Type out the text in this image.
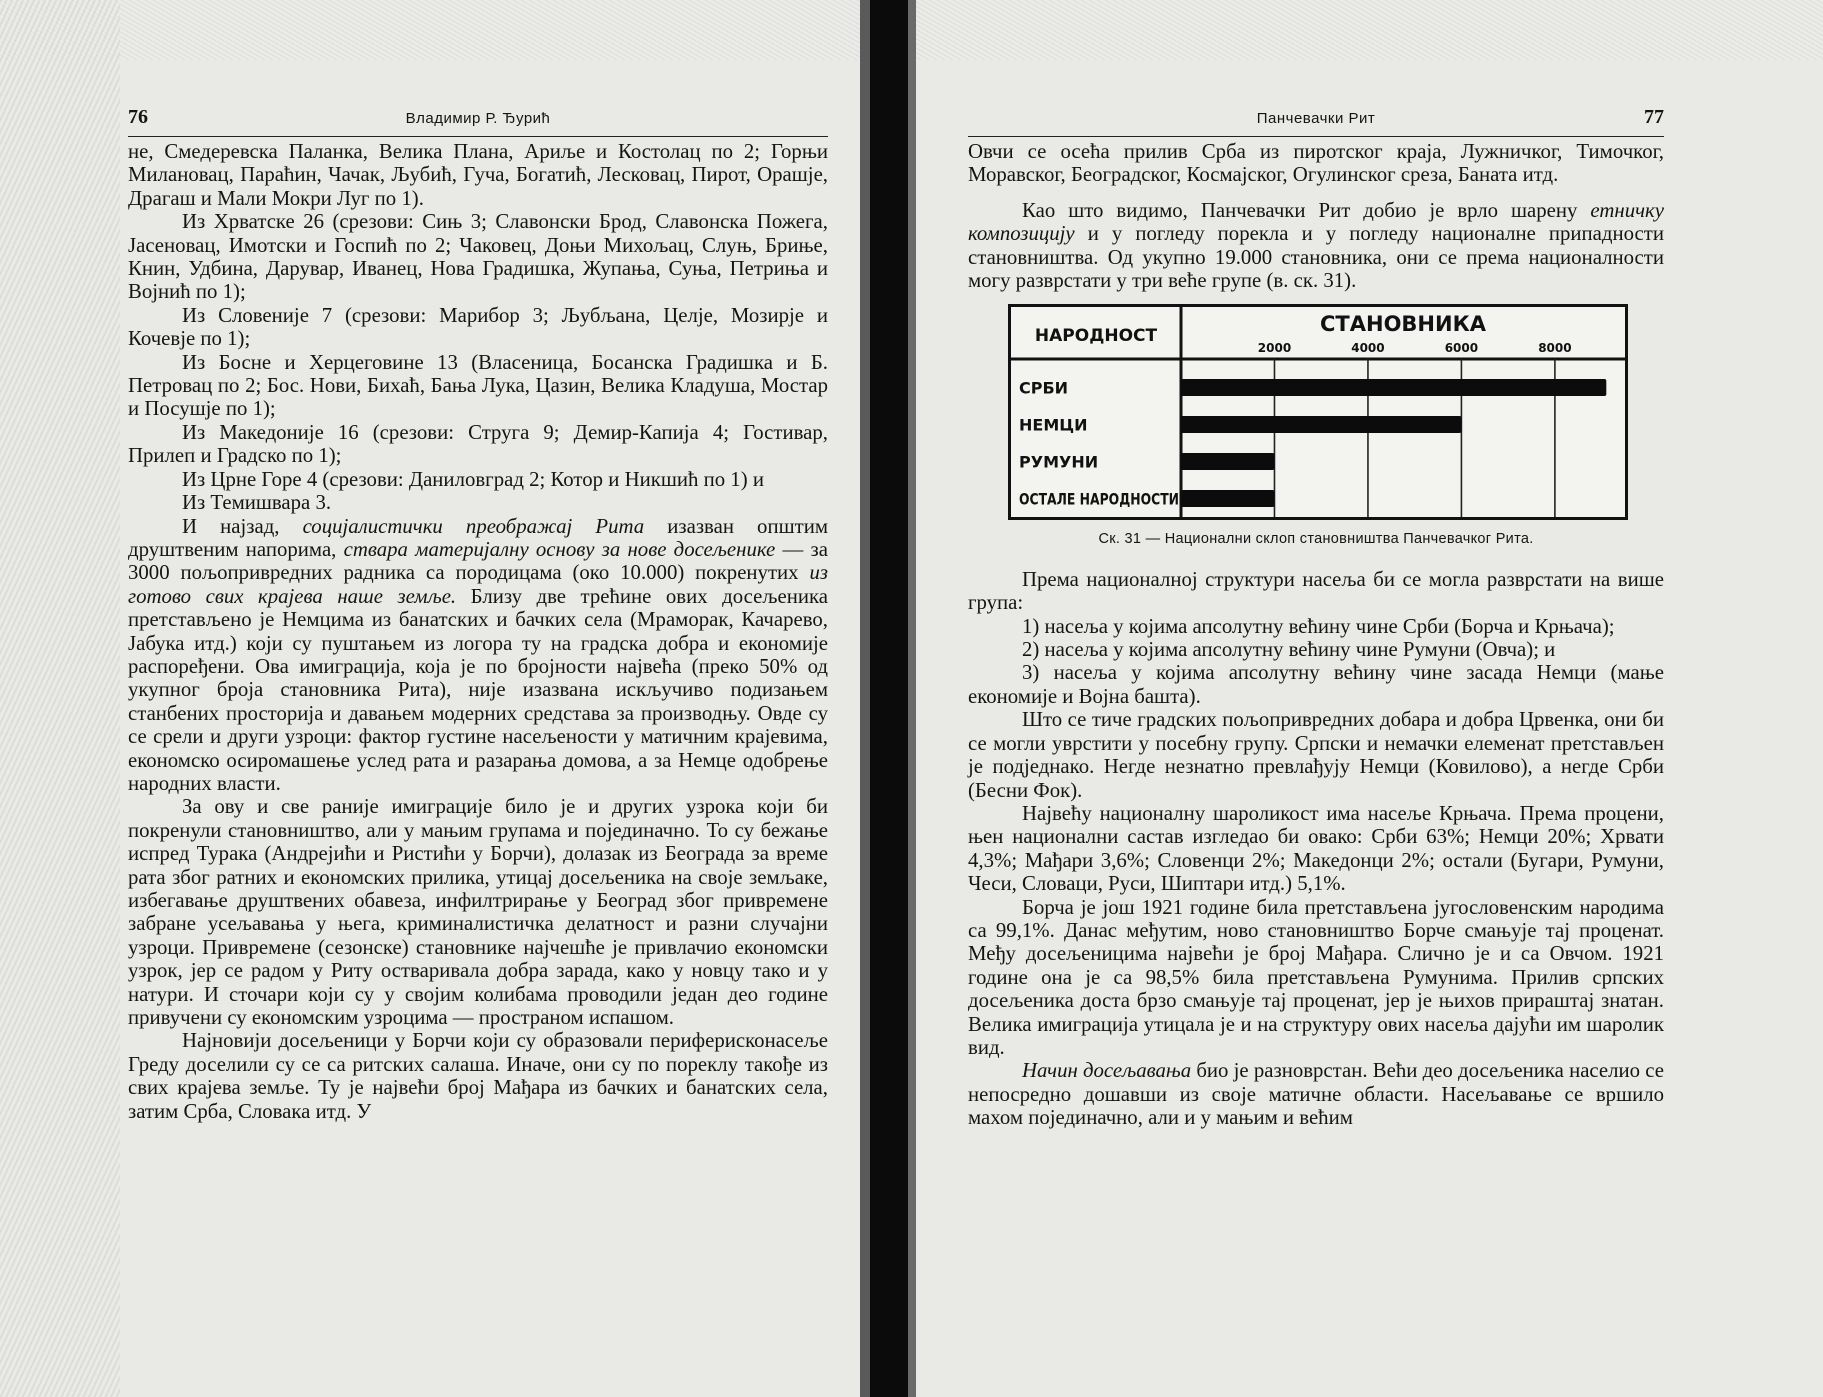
76	Владимир Р. Ђурић

не, Смедеревска Паланка, Велика Плана, Ариље и Костолац по 2; Горњи Милановац, Параћин, Чачак, Љубић, Гуча, Богатић, Лесковац, Пирот, Орашје, Драгаш и Мали Мокри Луг по 1).

Из Хрватске 26 (срезови: Сињ 3; Славонски Брод, Славонска Пожега, Јасеновац, Имотски и Госпић по 2; Чаковец, Доњи Михољац, Слуњ, Бриње, Книн, Удбина, Дарувар, Иванец, Нова Градишка, Жупања, Суња, Петриња и Војнић по 1);

Из Словеније 7 (срезови: Марибор 3; Љубљана, Целје, Мозирје и Кочевје по 1);

Из Босне и Херцеговине 13 (Власеница, Босанска Градишка и Б. Петровац по 2; Бос. Нови, Бихаћ, Бања Лука, Цазин, Велика Кладуша, Мостар и Посушје по 1);

Из Македоније 16 (срезови: Струга 9; Демир-Капија 4; Гостивар, Прилеп и Градско по 1);

Из Црне Горе 4 (срезови: Даниловград 2; Котор и Никшић по 1) и

Из Темишвара 3.

И најзад, социјалистички преображај Рита изазван општим друштвеним напорима, ствара материјалну основу за нове досељенике — за 3000 пољопривредних радника са породицама (око 10.000) покренутих из готово свих крајева наше земље. Близу две трећине ових досељеника претстављено је Немцима из банатских и бачких села (Мраморак, Качарево, Јабука итд.) који су пуштањем из логора ту на градска добра и економије распоређени. Ова имиграција, која је по бројности највећа (преко 50% од укупног броја становника Рита), није изазвана искључиво подизањем станбених просторија и давањем модерних средстава за производњу. Овде су се срели и други узроци: фактор густине насељености у матичним крајевима, економско осиромашење услед рата и разарања домова, а за Немце одобрење народних власти.

За ову и све раније имиграције било је и других узрока који би покренули становништво, али у мањим групама и појединачно. То су бежање испред Турака (Андрејићи и Ристићи у Борчи), долазак из Београда за време рата због ратних и економских прилика, утицај досељеника на своје земљаке, избегавање друштвених обавеза, инфилтрирање у Београд због привремене забране усељавања у њега, криминалистичка делатност и разни случајни узроци. Привремене (сезонске) становнике најчешће је привлачио економски узрок, јер се радом у Риту остваривала добра зарада, како у новцу тако и у натури. И сточари који су у својим колибама проводили један део године привучени су економским узроцима — пространом испашом.

Најновији досељеници у Борчи који су образовали периферисконасеље Греду доселили су се са ритских салаша. Иначе, они су по пореклу такође из свих крајева земље. Ту је највећи број Мађара из бачких и банатских села, затим Срба, Словака итд. У

77
Панчевачки Рит

Овчи се осећа прилив Срба из пиротског краја, Лужничког, Тимочког, Моравског, Београдског, Космајског, Огулинског среза, Баната итд.

Као што видимо, Панчевачки Рит добио је врло шарену етничку композицију и у погледу порекла и у погледу националне припадности становништва. Од укупно 19.000 становника, они се према националности могу разврстати у три веће групе (в. ск. 31).

НАРОДНОСТ	СТАНОВНИКА
2000	4000	6000	8000
СРБИ
НЕМЦИ
РУМУНИ
ОСТАЛЕ НАРОДНОСТИ
Ск. 31 — Национални склоп становништва Панчевачког Рита.

Према националној структури насеља би се могла разврстати на више група:

1) насеља у којима апсолутну већину чине Срби (Борча и Крњача);

2) насеља у којима апсолутну већину чине Румуни (Овча); и

3) насеља у којима апсолутну већину чине засада Немци (мање економије и Војна башта).

Што се тиче градских пољопривредних добара и добра Црвенка, они би се могли уврстити у посебну групу. Српски и немачки елеменат претстављен је подједнако. Негде незнатно превлађују Немци (Ковилово), а негде Срби (Бесни Фок).

Највећу националну шароликост има насеље Крњача. Према процени, њен национални састав изгледао би овако: Срби 63%; Немци 20%; Хрвати 4,3%; Мађари 3,6%; Словенци 2%; Македонци 2%; остали (Бугари, Румуни, Чеси, Словаци, Руси, Шиптари итд.) 5,1%.

Борча је још 1921 године била претстављена југословенским народима са 99,1%. Данас међутим, ново становништво Борче смањује тај проценат. Међу досељеницима највећи је број Мађара. Слично је и са Овчом. 1921 године она је са 98,5% била претстављена Румунима. Прилив српских досељеника доста брзо смањује тај проценат, јер је њихов прираштај знатан. Велика имиграција утицала је и на структуру ових насеља дајући им шаролик вид.

Начин досељавања био је разноврстан. Већи део досељеника населио се непосредно дошавши из своје матичне области. Насељавање се вршило махом појединачно, али и у мањим и већим
